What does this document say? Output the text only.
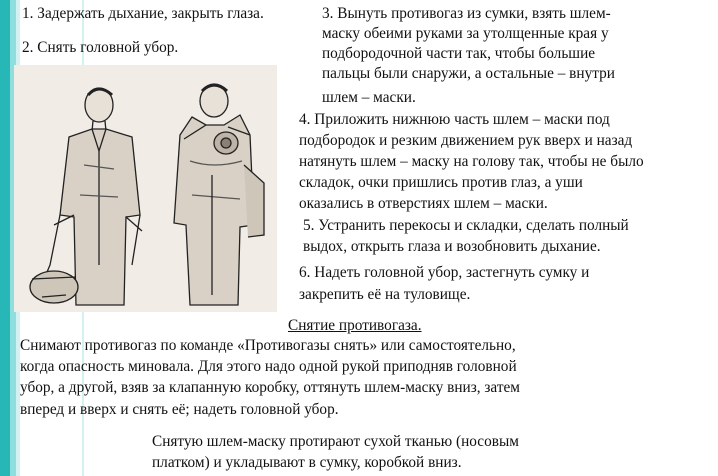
1. Задержать дыхание, закрыть глаза.
2. Снять головной убор.
3. Вынуть противогаз из сумки, взять шлем-
маску обеими руками за утолщенные края у
подбородочной части так, чтобы большие
пальцы были снаружи, а остальные – внутри
шлем – маски.
4. Приложить нижнюю часть шлем – маски под
подбородок и резким движением рук вверх и назад
натянуть шлем – маску на голову так, чтобы не было
складок, очки пришлись против глаз, а уши
оказались в отверстиях шлем – маски.
5. Устранить перекосы и складки, сделать полный
выдох, открыть глаза и возобновить дыхание.
6. Надеть головной убор, застегнуть сумку и
закрепить её на туловище.
Снятие противогаза.
Снимают противогаз по команде «Противогазы снять» или самостоятельно,
когда опасность миновала. Для этого надо одной рукой приподняв головной
убор, а другой, взяв за клапанную коробку, оттянуть шлем-маску вниз, затем
вперед и вверх и снять её; надеть головной убор.
Снятую шлем-маску протирают сухой тканью (носовым
платком) и укладывают в сумку, коробкой вниз.
